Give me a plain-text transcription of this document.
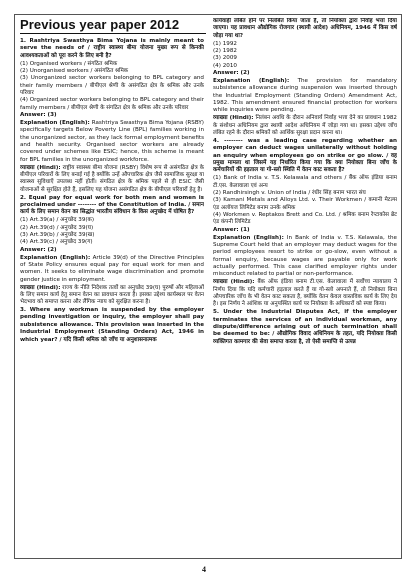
Previous year paper 2012

1. Rashtriya Swasthya Bima Yojana is mainly meant to serve the needs of / राष्ट्रीय स्वास्थ्य बीमा योजना मुख्य रूप से किनकी आवश्यकताओं को पूरा करने के लिए बनी है?

(1) Organised workers / संगठित श्रमिक

(2) Unorganised workers / असंगठित श्रमिक

(3) Unorganized sector workers belonging to BPL category and their family members / बीपीएल श्रेणी के असंगठित क्षेत्र के श्रमिक और उनके परिवार

(4) Organized sector workers belonging to BPL category and their family members / बीपीएल श्रेणी के संगठित क्षेत्र के श्रमिक और उनके परिवार

Answer: (3)

Explanation (English): Rashtriya Swasthya Bima Yojana (RSBY) specifically targets Below Poverty Line (BPL) families working in the unorganized sector, as they lack formal employment benefits and health security. Organised sector workers are already covered under schemes like ESIC; hence, this scheme is meant for BPL families in the unorganized workforce.

व्याख्या (Hindi): राष्ट्रीय स्वास्थ्य बीमा योजना (RSBY) विशेष रूप से असंगठित क्षेत्र के बीपीएल परिवारों के लिए बनाई गई है क्योंकि उन्हें औपचारिक क्षेत्र जैसे सामाजिक सुरक्षा या स्वास्थ्य सुविधाएँ उपलब्ध नहीं होतीं। संगठित क्षेत्र के श्रमिक पहले से ही ESIC जैसी योजनाओं से सुरक्षित होते हैं, इसलिए यह योजना असंगठित क्षेत्र के बीपीएल परिवारों हेतु है।

2. Equal pay for equal work for both men and women is proclaimed under -------- of the Constitution of India. / समान कार्य के लिए समान वेतन का सिद्धांत भारतीय संविधान के किस अनुच्छेद में घोषित है?

(1) Art.39(a) / अनुच्छेद 39(क)

(2) Art.39(d) / अनुच्छेद 39(घ)

(3) Art.39(b) / अनुच्छेद 39(ख)

(4) Art.39(c) / अनुच्छेद 39(ग)

Answer: (2)

Explanation (English): Article 39(d) of the Directive Principles of State Policy ensures equal pay for equal work for men and women. It seeks to eliminate wage discrimination and promote gender justice in employment.

व्याख्या (Hindi): राज्य के नीति निदेशक तत्वों का अनुच्छेद 39(घ) पुरुषों और महिलाओं के लिए समान कार्य हेतु समान वेतन का प्रावधान करता है। इसका उद्देश्य कार्यस्थल पर वेतन भेदभाव को समाप्त करना और लैंगिक न्याय को सुरक्षित करना है।

3. Where any workman is suspended by the employer pending investigation or inquiry, the employer shall pay subsistence allowance. This provision was inserted in the Industrial Employment (Standing Orders) Act, 1946 in which year? / यदि किसी श्रमिक को जाँच या अनुशासनात्मक

कार्यवाही लंबित होने पर निलंबित किया जाता है, तो नियोक्ता द्वारा निर्वाह भत्ता दिया जाएगा। यह प्रावधान औद्योगिक रोजगार (स्थायी आदेश) अधिनियम, 1946 में किस वर्ष जोड़ा गया था?

(1) 1992

(2) 1982

(3) 2009

(4) 2010

Answer: (2)

Explanation (English): The provision for mandatory subsistence allowance during suspension was inserted through the Industrial Employment (Standing Orders) Amendment Act, 1982. This amendment ensured financial protection for workers while inquiries were pending.

व्याख्या (Hindi): निलंबन अवधि के दौरान अनिवार्य निर्वाह भत्ता देने का प्रावधान 1982 के संशोधन अधिनियम द्वारा स्थायी आदेश अधिनियम में जोड़ा गया था। इसका उद्देश्य जाँच लंबित रहने के दौरान श्रमिकों को आर्थिक सुरक्षा प्रदान करना था।

4. -------- was a leading case regarding whether an employer can deduct wages unilaterally without holding an enquiry when employees go on strike or go slow. / वह प्रमुख मामला था जिसमें यह निर्धारित किया गया कि क्या नियोक्ता बिना जाँच के कर्मचारियों की हड़ताल या गो-स्लो स्थिति में वेतन काट सकता है?

(1) Bank of India v. T.S. Kelawala and others / बैंक ऑफ इंडिया बनाम टी.एस. केलावाला एवं अन्य

(2) Randhirsingh v. Union of India / रंधीर सिंह बनाम भारत संघ

(3) Kamani Metals and Alloys Ltd. v. Their Workmen / कमानी मेटल्स एंड अलॉयज लिमिटेड बनाम उनके श्रमिक

(4) Workmen v. Reptakos Brett and Co. Ltd. / श्रमिक बनाम रेप्टाकोस ब्रेट एंड कंपनी लिमिटेड

Answer: (1)

Explanation (English): In Bank of India v. T.S. Kelawala, the Supreme Court held that an employer may deduct wages for the period employees resort to strike or go-slow, even without a formal enquiry, because wages are payable only for work actually performed. This case clarified employer rights under misconduct related to partial or non-performance.

व्याख्या (Hindi): बैंक ऑफ इंडिया बनाम टी.एस. केलावाला में सर्वोच्च न्यायालय ने निर्णय दिया कि यदि कर्मचारी हड़ताल करते हैं या गो-स्लो अपनाते हैं, तो नियोक्ता बिना औपचारिक जाँच के भी वेतन काट सकता है, क्योंकि वेतन केवल वास्तविक कार्य के लिए देय है। इस निर्णय ने आंशिक या अनुपस्थित कार्य पर नियोक्ता के अधिकारों को स्पष्ट किया।

5. Under the Industrial Disputes Act, if the employer terminates the services of an individual workman, any dispute/difference arising out of such termination shall be deemed to be: / औद्योगिक विवाद अधिनियम के तहत, यदि नियोक्ता किसी व्यक्तिगत कामगार की सेवा समाप्त करता है, तो ऐसी समाप्ति से उत्पन्न

4
